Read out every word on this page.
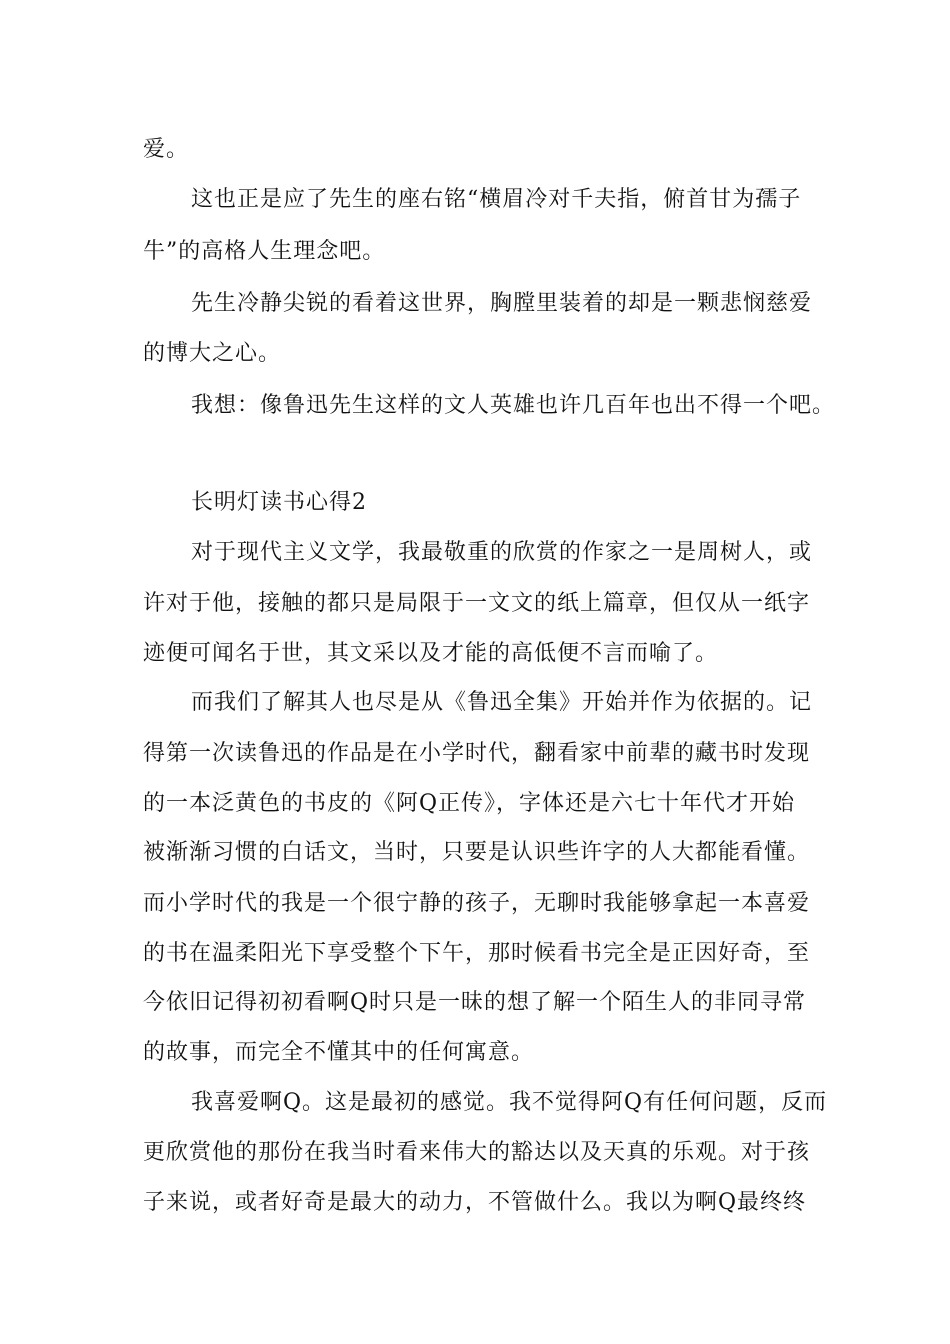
爱。
这也正是应了先生的座右铭“横眉冷对千夫指，俯首甘为孺子
牛”的高格人生理念吧。
先生冷静尖锐的看着这世界，胸膛里装着的却是一颗悲悯慈爱
的博大之心。
我想：像鲁迅先生这样的文人英雄也许几百年也出不得一个吧。
长明灯读书心得2
对于现代主义文学，我最敬重的欣赏的作家之一是周树人，或
许对于他，接触的都只是局限于一文文的纸上篇章，但仅从一纸字
迹便可闻名于世，其文采以及才能的高低便不言而喻了。
而我们了解其人也尽是从《鲁迅全集》开始并作为依据的。记
得第一次读鲁迅的作品是在小学时代，翻看家中前辈的藏书时发现
的一本泛黄色的书皮的《阿Q正传》，字体还是六七十年代才开始
被渐渐习惯的白话文，当时，只要是认识些许字的人大都能看懂。
而小学时代的我是一个很宁静的孩子，无聊时我能够拿起一本喜爱
的书在温柔阳光下享受整个下午，那时候看书完全是正因好奇，至
今依旧记得初初看啊Q时只是一昧的想了解一个陌生人的非同寻常
的故事，而完全不懂其中的任何寓意。
我喜爱啊Q。这是最初的感觉。我不觉得阿Q有任何问题，反而
更欣赏他的那份在我当时看来伟大的豁达以及天真的乐观。对于孩
子来说，或者好奇是最大的动力，不管做什么。我以为啊Q最终终
